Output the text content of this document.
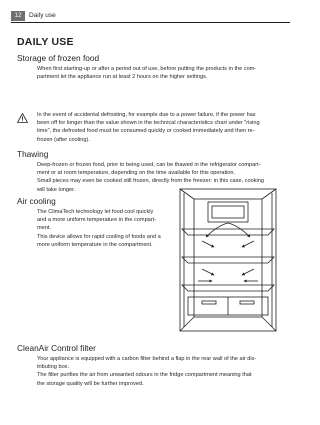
12	Daily use
DAILY USE
Storage of frozen food
When first starting-up or after a period out of use, before putting the products in the com-
partment let the appliance run at least 2 hours on the higher settings.
In the event of accidental defrosting, for example due to a power failure, if the power has
been off for longer than the value shown in the technical characteristics chart under "rising
time", the defrosted food must be consumed quickly or cooked immediately and then re-
frozen (after cooling).
Thawing
Deep-frozen or frozen food, prior to being used, can be thawed in the refrigerator compart-
ment or at room temperature, depending on the time available for this operation.
Small pieces may even be cooked still frozen, directly from the freezer: in this case, cooking
will take longer.
Air cooling
The ClimaTech technology let food cool quickly
and a more uniform temperature in the compart-
ment.
This device allows for rapid cooling of foods and a
more uniform temperature in the compartment.
CleanAir Control filter
Your appliance is equipped with a carbon filter behind a flap in the rear wall of the air dis-
tributing box.
The filter purifies the air from unwanted odours in the fridge compartment meaning that
the storage quality will be further improved.
